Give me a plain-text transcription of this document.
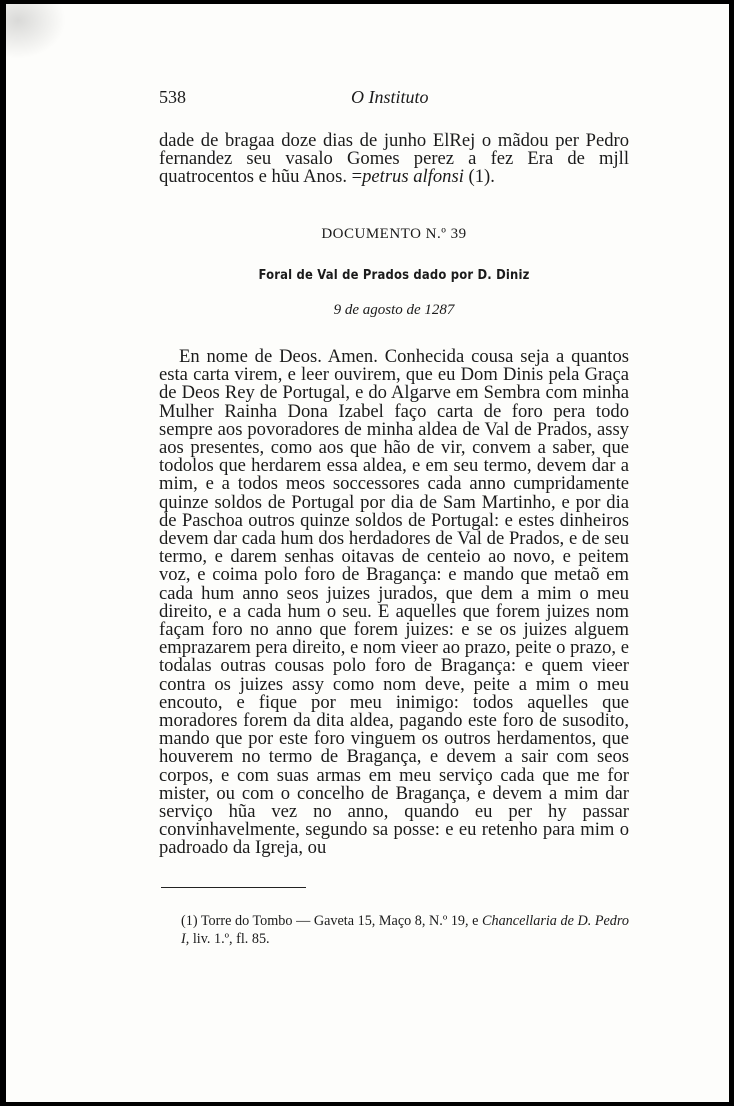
538	O Instituto

dade de bragaa doze dias de junho ElRej o mãdou per Pedro fernandez seu vasalo Gomes perez a fez Era de mjll quatrocentos e hũu Anos. =petrus alfonsi (1).

DOCUMENTO N.º 39
Foral de Val de Prados dado por D. Diniz
9 de agosto de 1287

En nome de Deos. Amen. Conhecida cousa seja a quantos esta carta virem, e leer ouvirem, que eu Dom Dinis pela Graça de Deos Rey de Portugal, e do Algarve em Sembra com minha Mulher Rainha Dona Izabel faço carta de foro pera todo sempre aos povoradores de minha aldea de Val de Prados, assy aos presentes, como aos que hão de vir, convem a saber, que todolos que herdarem essa aldea, e em seu termo, devem dar a mim, e a todos meos soccessores cada anno cumpridamente quinze soldos de Portugal por dia de Sam Martinho, e por dia de Paschoa outros quinze soldos de Portugal: e estes dinheiros devem dar cada hum dos herdadores de Val de Prados, e de seu termo, e darem senhas oitavas de centeio ao novo, e peitem voz, e coima polo foro de Bragança: e mando que metaõ em cada hum anno seos juizes jurados, que dem a mim o meu direito, e a cada hum o seu. E aquelles que forem juizes nom façam foro no anno que forem juizes: e se os juizes alguem emprazarem pera direito, e nom vieer ao prazo, peite o prazo, e todalas outras cousas polo foro de Bragança: e quem vieer contra os juizes assy como nom deve, peite a mim o meu encouto, e fique por meu inimigo: todos aquelles que moradores forem da dita aldea, pagando este foro de susodito, mando que por este foro vinguem os outros herdamentos, que houverem no termo de Bragança, e devem a sair com seos corpos, e com suas armas em meu serviço cada que me for mister, ou com o concelho de Bragança, e devem a mim dar serviço hũa vez no anno, quando eu per hy passar convinhavelmente, segundo sa posse: e eu retenho para mim o padroado da Igreja, ou

(1) Torre do Tombo — Gaveta 15, Maço 8, N.º 19, e Chancellaria de D. Pedro I, liv. 1.º, fl. 85.
